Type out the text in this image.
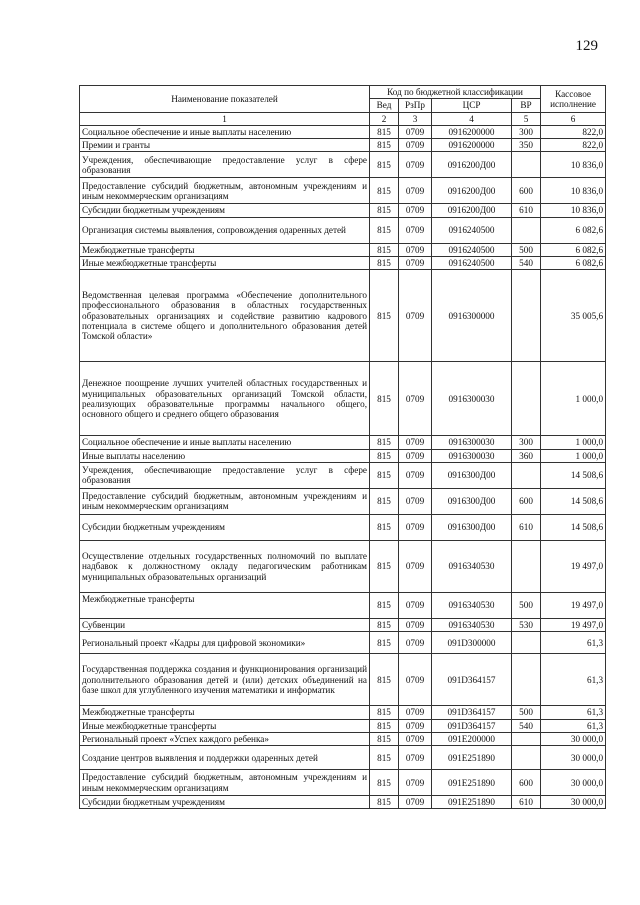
129
Наименование показателей	Код по бюджетной классификации				Кассовое исполнение
	Вед	РзПр	ЦСР	ВР	
1	2	3	4	5	6
Социальное обеспечение и иные выплаты населению	815	0709	0916200000	300	822,0
Премии и гранты	815	0709	0916200000	350	822,0
Учреждения, обеспечивающие предоставление услуг в сфере образования	815	0709	0916200Д00		10 836,0
Предоставление субсидий бюджетным, автономным учреждениям и иным некоммерческим организациям	815	0709	0916200Д00	600	10 836,0
Субсидии бюджетным учреждениям	815	0709	0916200Д00	610	10 836,0
Организация системы выявления, сопровождения одаренных детей	815	0709	0916240500		6 082,6
Межбюджетные трансферты	815	0709	0916240500	500	6 082,6
Иные межбюджетные трансферты	815	0709	0916240500	540	6 082,6
Ведомственная целевая программа «Обеспечение дополнительного профессионального образования в областных государственных образовательных организациях и содействие развитию кадрового потенциала в системе общего и дополнительного образования детей Томской области»	815	0709	0916300000		35 005,6
Денежное поощрение лучших учителей областных государственных и муниципальных образовательных организаций Томской области, реализующих образовательные программы начального общего, основного общего и среднего общего образования	815	0709	0916300030		1 000,0
Социальное обеспечение и иные выплаты населению	815	0709	0916300030	300	1 000,0
Иные выплаты населению	815	0709	0916300030	360	1 000,0
Учреждения, обеспечивающие предоставление услуг в сфере образования	815	0709	0916300Д00		14 508,6
Предоставление субсидий бюджетным, автономным учреждениям и иным некоммерческим организациям	815	0709	0916300Д00	600	14 508,6
Субсидии бюджетным учреждениям	815	0709	0916300Д00	610	14 508,6
Осуществление отдельных государственных полномочий по выплате надбавок к должностному окладу педагогическим работникам муниципальных образовательных организаций	815	0709	0916340530		19 497,0
Межбюджетные трансферты	815	0709	0916340530	500	19 497,0
Субвенции	815	0709	0916340530	530	19 497,0
Региональный проект «Кадры для цифровой экономики»	815	0709	091D300000		61,3
Государственная поддержка создания и функционирования организаций дополнительного образования детей и (или) детских объединений на базе школ для углубленного изучения математики и информатик	815	0709	091D364157		61,3
Межбюджетные трансферты	815	0709	091D364157	500	61,3
Иные межбюджетные трансферты	815	0709	091D364157	540	61,3
Региональный проект «Успех каждого ребенка»	815	0709	091E200000		30 000,0
Создание центров выявления и поддержки одаренных детей	815	0709	091E251890		30 000,0
Предоставление субсидий бюджетным, автономным учреждениям и иным некоммерческим организациям	815	0709	091E251890	600	30 000,0
Субсидии бюджетным учреждениям	815	0709	091E251890	610	30 000,0
